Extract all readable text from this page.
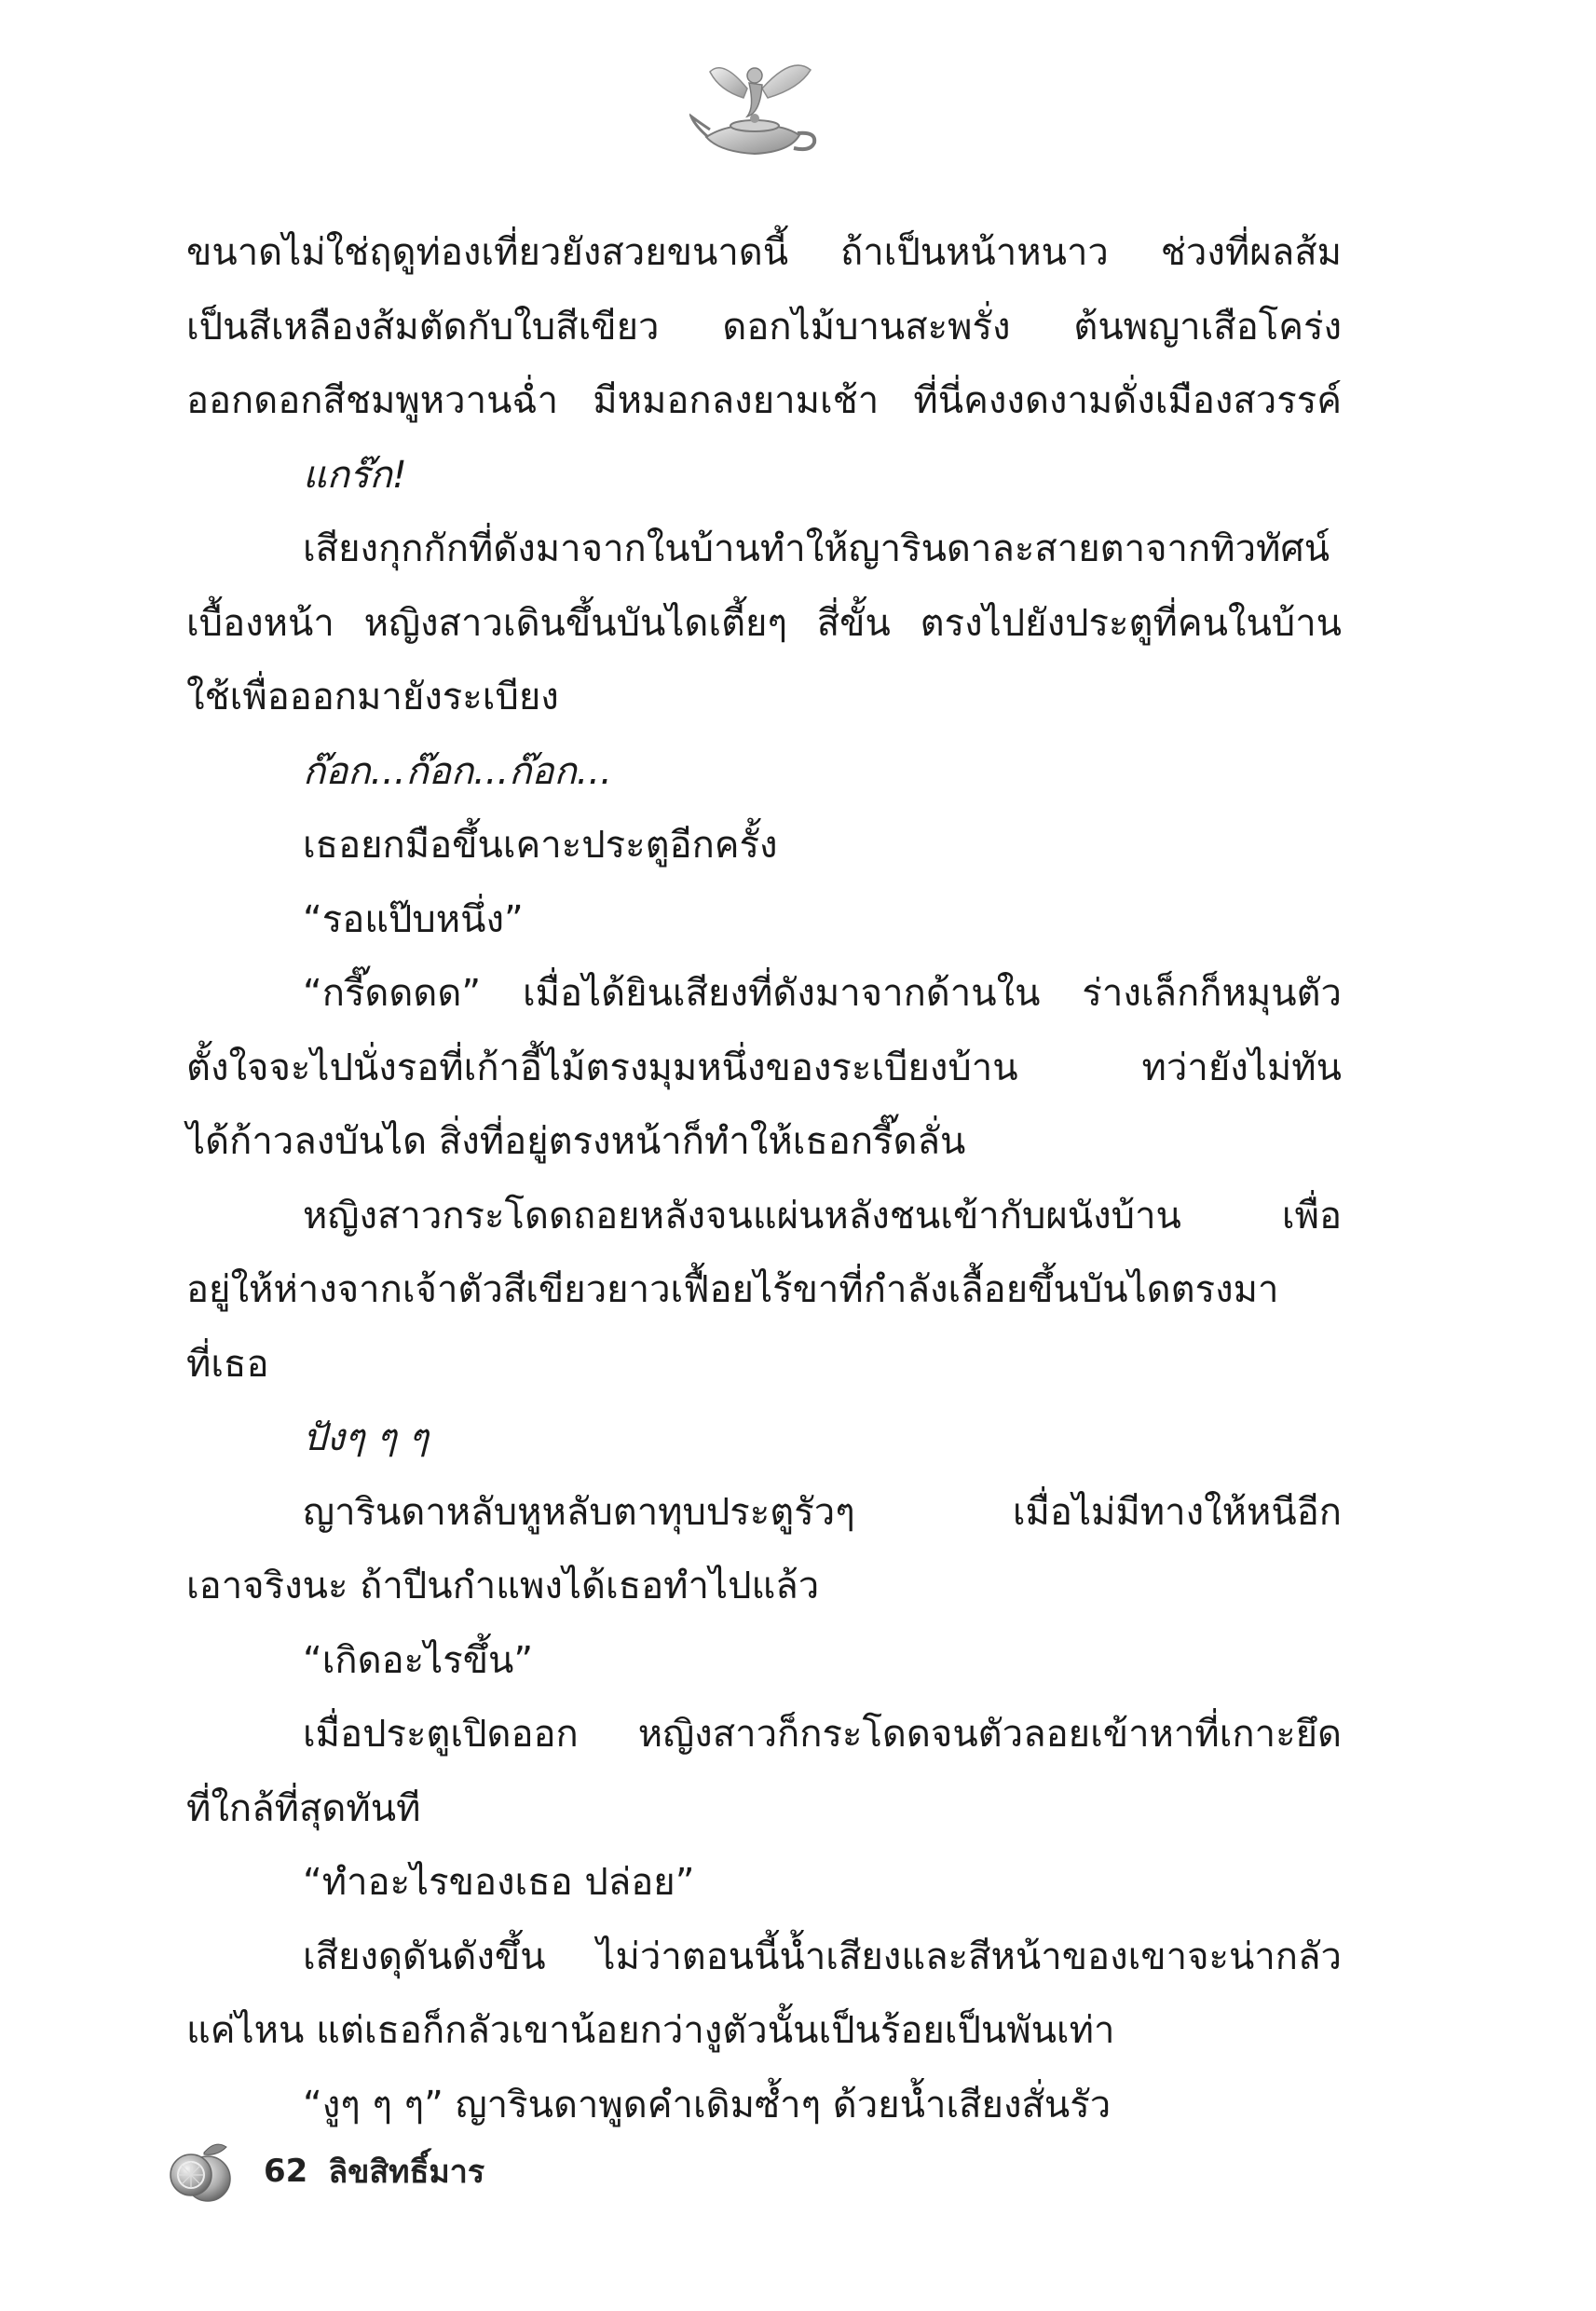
ขนาดไม่ใช่ฤดูท่องเที่ยวยังสวยขนาดนี้ ถ้าเป็นหน้าหนาว ช่วงที่ผลส้ม
เป็นสีเหลืองส้มตัดกับใบสีเขียว ดอกไม้บานสะพรั่ง ต้นพญาเสือโคร่ง
ออกดอกสีชมพูหวานฉ่ำ มีหมอกลงยามเช้า ที่นี่คงงดงามดั่งเมืองสวรรค์
แกร๊ก!
เสียงกุกกักที่ดังมาจากในบ้านทำให้ญารินดาละสายตาจากทิวทัศน์
เบื้องหน้า หญิงสาวเดินขึ้นบันไดเตี้ยๆ สี่ขั้น ตรงไปยังประตูที่คนในบ้าน
ใช้เพื่อออกมายังระเบียง
ก๊อก...ก๊อก...ก๊อก...
เธอยกมือขึ้นเคาะประตูอีกครั้ง
“รอแป๊บหนึ่ง”
“กรี๊ดดดด” เมื่อได้ยินเสียงที่ดังมาจากด้านใน ร่างเล็กก็หมุนตัว
ตั้งใจจะไปนั่งรอที่เก้าอี้ไม้ตรงมุมหนึ่งของระเบียงบ้าน ทว่ายังไม่ทัน
ได้ก้าวลงบันได สิ่งที่อยู่ตรงหน้าก็ทำให้เธอกรี๊ดลั่น
หญิงสาวกระโดดถอยหลังจนแผ่นหลังชนเข้ากับผนังบ้าน เพื่อ
อยู่ให้ห่างจากเจ้าตัวสีเขียวยาวเฟื้อยไร้ขาที่กำลังเลื้อยขึ้นบันไดตรงมา
ที่เธอ
ปังๆ ๆ ๆ
ญารินดาหลับหูหลับตาทุบประตูรัวๆ เมื่อไม่มีทางให้หนีอีก
เอาจริงนะ ถ้าปีนกำแพงได้เธอทำไปแล้ว
“เกิดอะไรขึ้น”
เมื่อประตูเปิดออก หญิงสาวก็กระโดดจนตัวลอยเข้าหาที่เกาะยึด
ที่ใกล้ที่สุดทันที
“ทำอะไรของเธอ ปล่อย”
เสียงดุดันดังขึ้น ไม่ว่าตอนนี้น้ำเสียงและสีหน้าของเขาจะน่ากลัว
แค่ไหน แต่เธอก็กลัวเขาน้อยกว่างูตัวนั้นเป็นร้อยเป็นพันเท่า
“งูๆ ๆ ๆ” ญารินดาพูดคำเดิมซ้ำๆ ด้วยน้ำเสียงสั่นรัว
62 ลิขสิทธิ์มาร
